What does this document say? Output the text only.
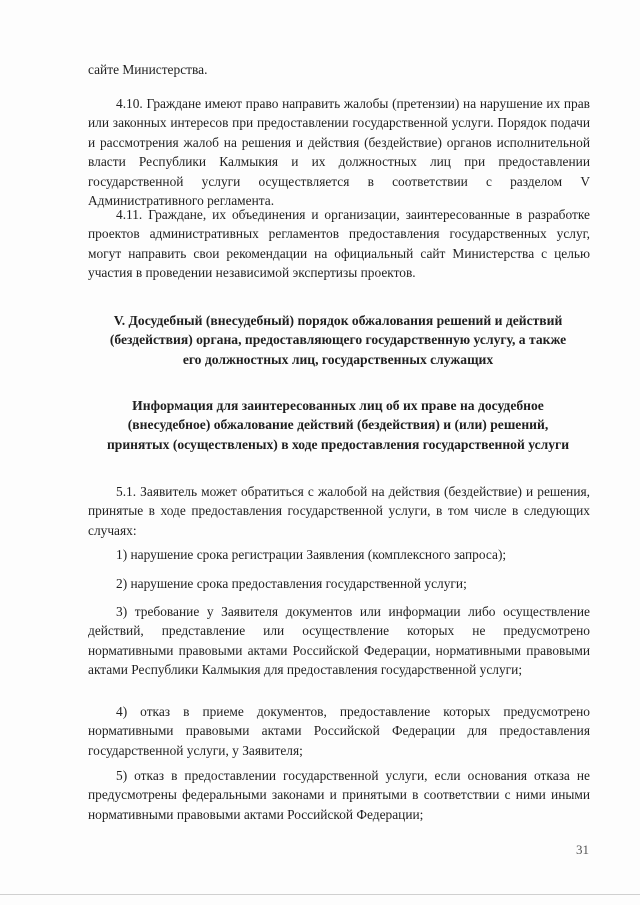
сайте Министерства.

4.10. Граждане имеют право направить жалобы (претензии) на нарушение их прав или законных интересов при предоставлении государственной услуги. Порядок подачи и рассмотрения жалоб на решения и действия (бездействие) органов исполнительной власти Республики Калмыкия и их должностных лиц при предоставлении государственной услуги осуществляется в соответствии с разделом V Административного регламента.

4.11. Граждане, их объединения и организации, заинтересованные в разработке проектов административных регламентов предоставления государственных услуг, могут направить свои рекомендации на официальный сайт Министерства с целью участия в проведении независимой экспертизы проектов.

V. Досудебный (внесудебный) порядок обжалования решений и действий (бездействия) органа, предоставляющего государственную услугу, а также его должностных лиц, государственных служащих

Информация для заинтересованных лиц об их праве на досудебное (внесудебное) обжалование действий (бездействия) и (или) решений, принятых (осуществленых) в ходе предоставления государственной услуги

5.1. Заявитель может обратиться с жалобой на действия (бездействие) и решения, принятые в ходе предоставления государственной услуги, в том числе в следующих случаях:

1) нарушение срока регистрации Заявления (комплексного запроса);

2) нарушение срока предоставления государственной услуги;

3) требование у Заявителя документов или информации либо осуществление действий, представление или осуществление которых не предусмотрено нормативными правовыми актами Российской Федерации, нормативными правовыми актами Республики Калмыкия для предоставления государственной услуги;

4) отказ в приеме документов, предоставление которых предусмотрено нормативными правовыми актами Российской Федерации для предоставления государственной услуги, у Заявителя;

5) отказ в предоставлении государственной услуги, если основания отказа не предусмотрены федеральными законами и принятыми в соответствии с ними иными нормативными правовыми актами Российской Федерации;

31
